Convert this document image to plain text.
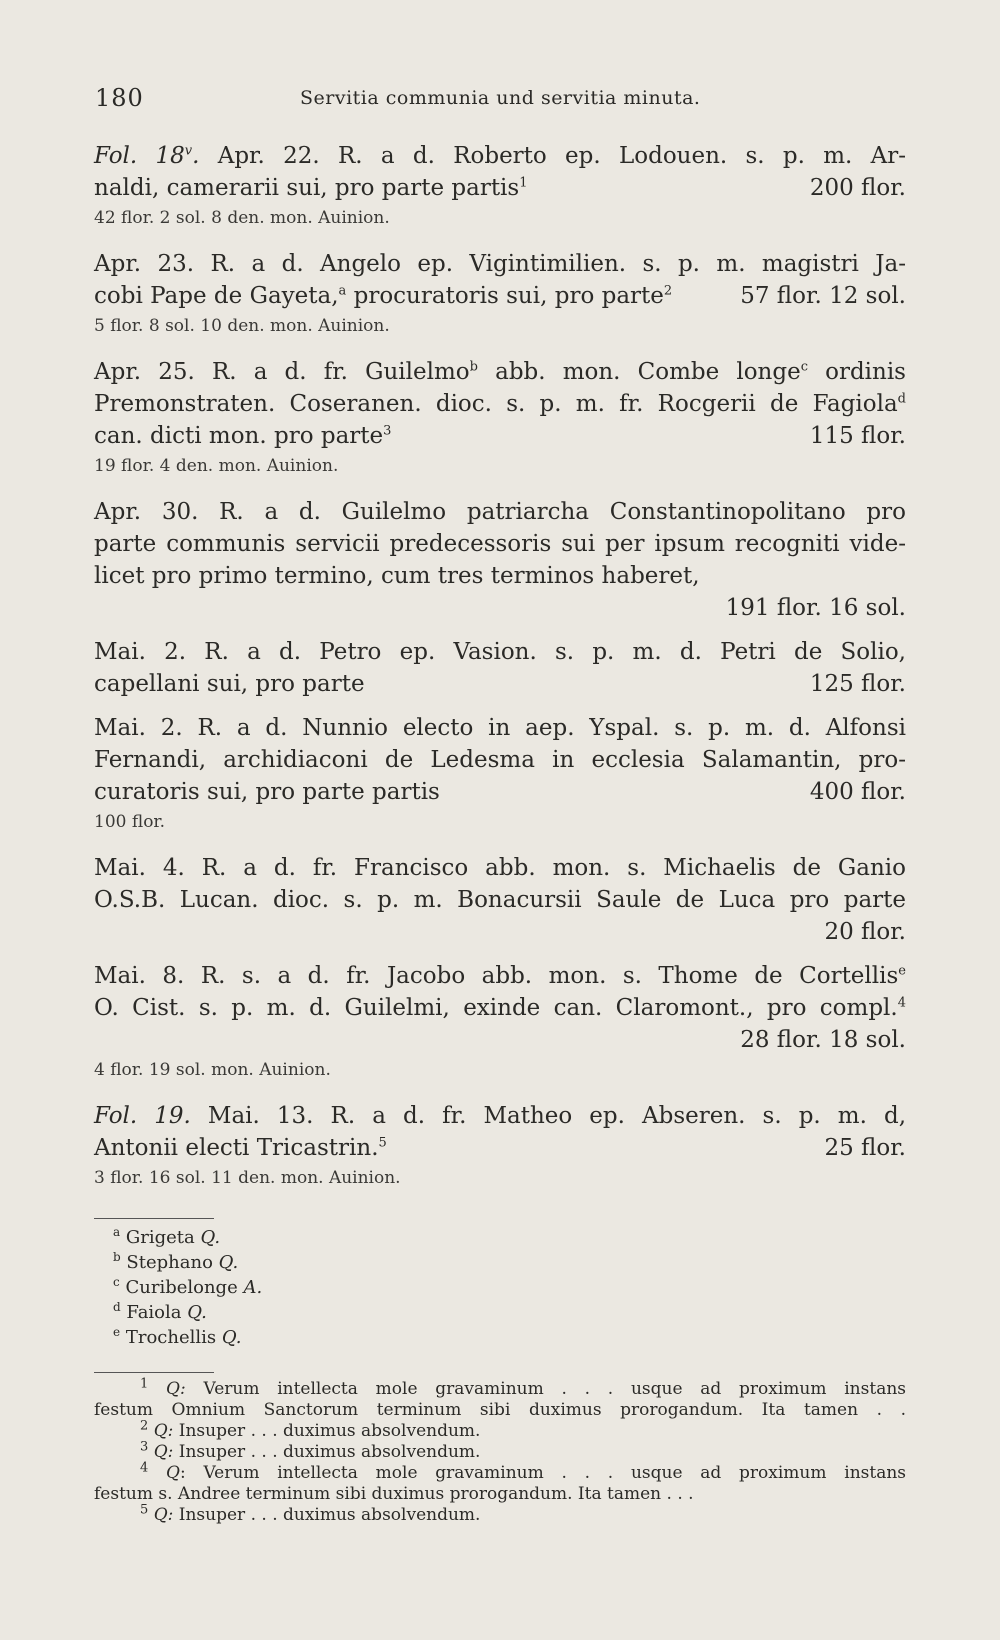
180	Servitia communia und servitia minuta.
Fol. 18$^v$. Apr. 22. R. a d. Roberto ep. Lodouen. s. p. m. Ar-
naldi, camerarii sui, pro parte partis$^1$	200 flor.
42 flor. 2 sol. 8 den. mon. Auinion.
Apr. 23. R. a d. Angelo ep. Vigintimilien. s. p. m. magistri Ja-
cobi Pape de Gayeta,$^a$ procuratoris sui, pro parte$^2$	57 flor. 12 sol.
5 flor. 8 sol. 10 den. mon. Auinion.
Apr. 25. R. a d. fr. Guilelmo$^b$ abb. mon. Combe longe$^c$ ordinis
Premonstraten. Coseranen. dioc. s. p. m. fr. Rocgerii de Fagiola$^d$
can. dicti mon. pro parte$^3$	115 flor.
19 flor. 4 den. mon. Auinion.
Apr. 30. R. a d. Guilelmo patriarcha Constantinopolitano pro
parte communis servicii predecessoris sui per ipsum recogniti vide-
licet pro primo termino, cum tres terminos haberet,
191 flor. 16 sol.
Mai. 2. R. a d. Petro ep. Vasion. s. p. m. d. Petri de Solio,
capellani sui, pro parte	125 flor.
Mai. 2. R. a d. Nunnio electo in aep. Yspal. s. p. m. d. Alfonsi
Fernandi, archidiaconi de Ledesma in ecclesia Salamantin, pro-
curatoris sui, pro parte partis	400 flor.
100 flor.
Mai. 4. R. a d. fr. Francisco abb. mon. s. Michaelis de Ganio
O.S.B. Lucan. dioc. s. p. m. Bonacursii Saule de Luca pro parte
20 flor.
Mai. 8. R. s. a d. fr. Jacobo abb. mon. s. Thome de Cortellis$^e$
O. Cist. s. p. m. d. Guilelmi, exinde can. Claromont., pro compl.$^4$
28 flor. 18 sol.
4 flor. 19 sol. mon. Auinion.
Fol. 19. Mai. 13. R. a d. fr. Matheo ep. Abseren. s. p. m. d,
Antonii electi Tricastrin.$^5$	25 flor.
3 flor. 16 sol. 11 den. mon. Auinion.
$^a$ Grigeta Q.
$^b$ Stephano Q.
$^c$ Curibelonge A.
$^d$ Faiola Q.
$^e$ Trochellis Q.
$^1$ Q: Verum intellecta mole gravaminum . . . usque ad proximum instans
festum Omnium Sanctorum terminum sibi duximus prorogandum. Ita tamen . .
$^2$ Q: Insuper . . . duximus absolvendum.
$^3$ Q: Insuper . . . duximus absolvendum.
$^4$ Q: Verum intellecta mole gravaminum . . . usque ad proximum instans
festum s. Andree terminum sibi duximus prorogandum. Ita tamen . . .
$^5$ Q: Insuper . . . duximus absolvendum.
